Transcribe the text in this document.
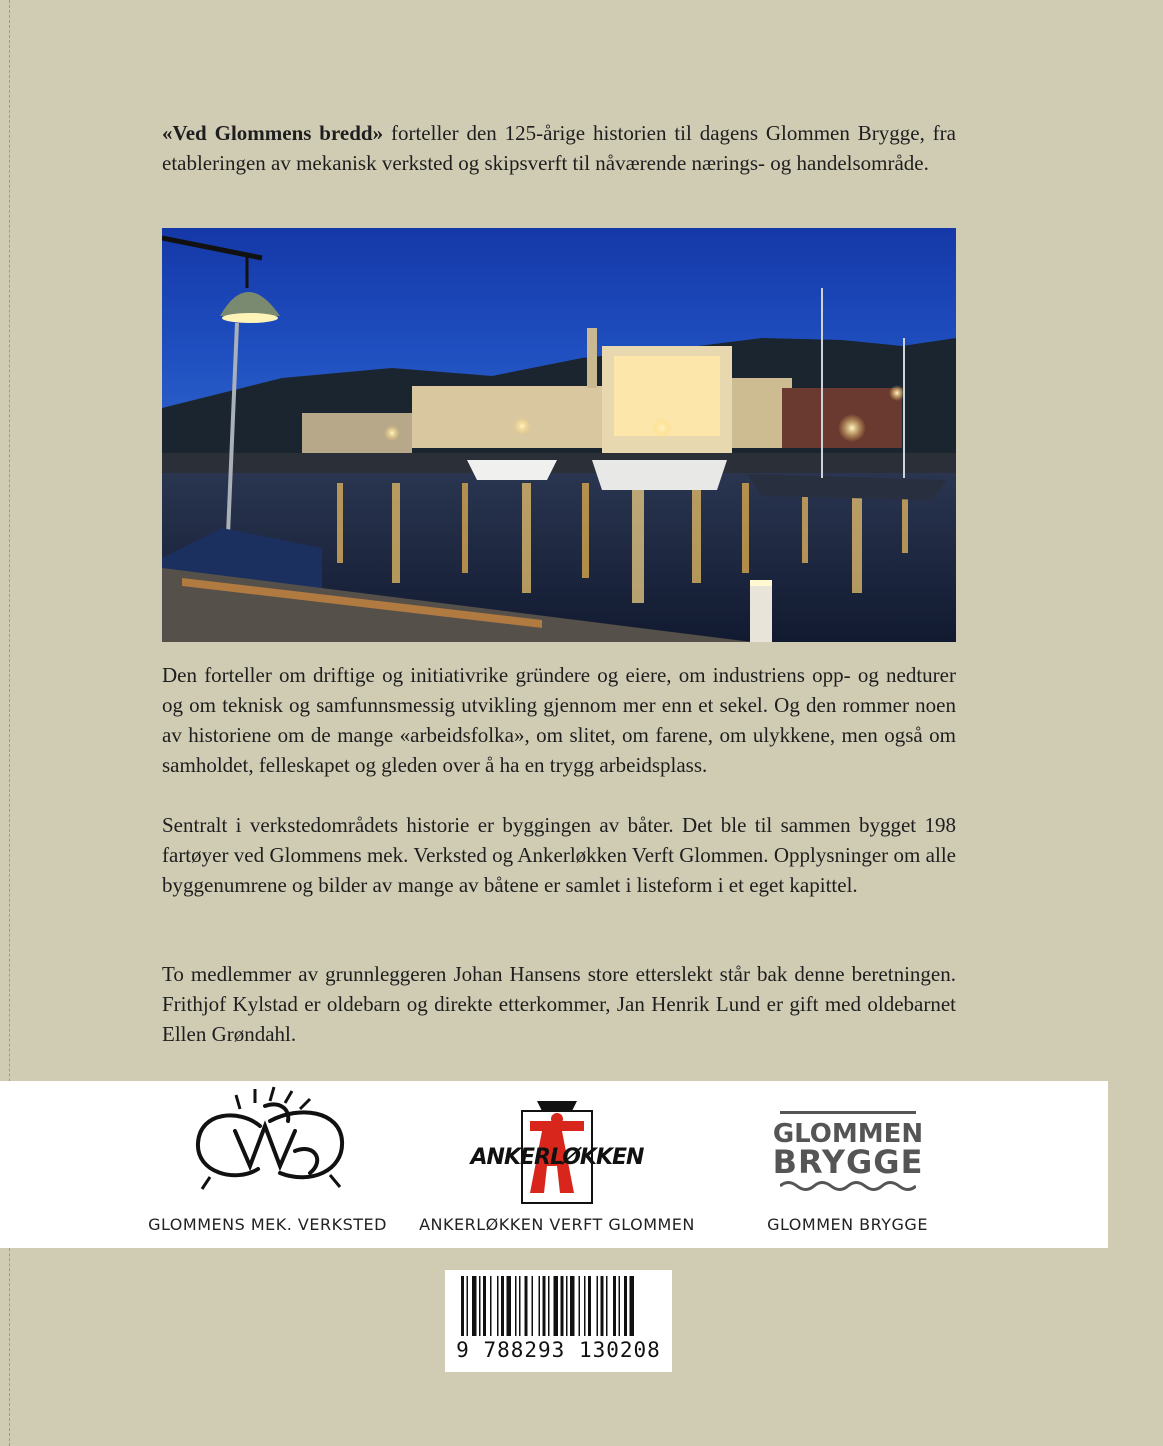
«Ved Glommens bredd» forteller den 125-årige historien til dagens Glommen Brygge, fra etableringen av mekanisk verksted og skipsverft til nåværende nærings- og handelsområde.

Den forteller om driftige og initiativrike gründere og eiere, om industriens opp- og nedturer og om teknisk og samfunnsmessig utvikling gjennom mer enn et sekel. Og den rommer noen av historiene om de mange «arbeidsfolka», om slitet, om farene, om ulykkene, men også om samholdet, felleskapet og gleden over å ha en trygg arbeidsplass.

Sentralt i verkstedområdets historie er byggingen av båter. Det ble til sammen bygget 198 fartøyer ved Glommens mek. Verksted og Ankerløkken Verft Glommen. Opplysninger om alle byggenumrene og bilder av mange av båtene er samlet i listeform i et eget kapittel.

To medlemmer av grunnleggeren Johan Hansens store etterslekt står bak denne beretningen. Frithjof Kylstad er oldebarn og direkte etterkommer, Jan Henrik Lund er gift med oldebarnet Ellen Grøndahl.

GLOMMENS MEK. VERKSTED
ANKERLØKKEN
ANKERLØKKEN VERFT GLOMMEN
GLOMMEN
BRYGGE
GLOMMEN BRYGGE
9 788293 130208
